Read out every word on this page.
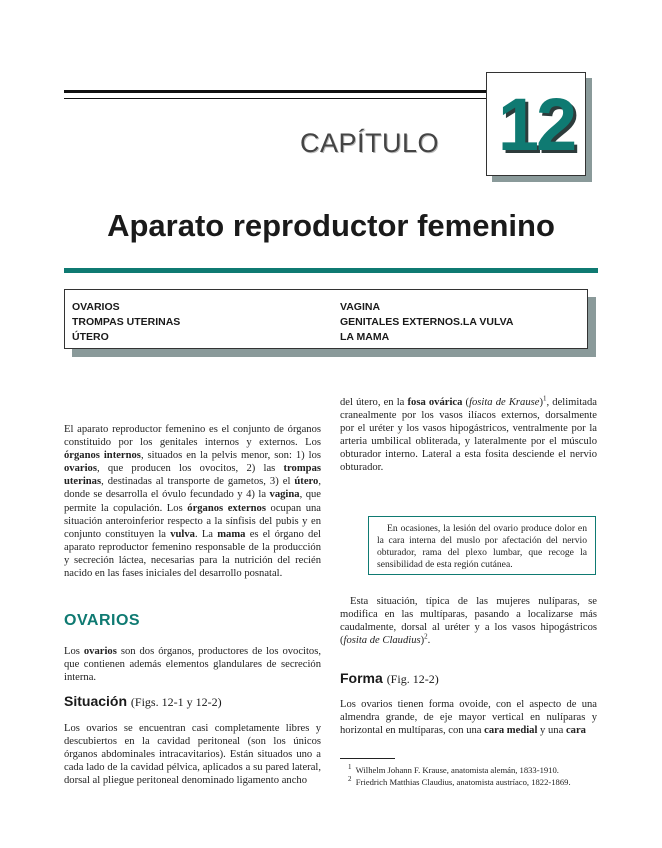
CAPÍTULO 12
Aparato reproductor femenino
OVARIOS
TROMPAS UTERINAS
ÚTERO
VAGINA
GENITALES EXTERNOS.LA VULVA
LA MAMA

El aparato reproductor femenino es el conjunto de órganos constituido por los genitales internos y externos. Los órganos internos, situados en la pelvis menor, son: 1) los ovarios, que producen los ovocitos, 2) las trompas uterinas, destinadas al transporte de gametos, 3) el útero, donde se desarrolla el óvulo fecundado y 4) la vagina, que permite la copulación. Los órganos externos ocupan una situación anteroinferior respecto a la sínfisis del pubis y en conjunto constituyen la vulva. La mama es el órgano del aparato reproductor femenino responsable de la producción y secreción láctea, necesarias para la nutrición del recién nacido en las fases iniciales del desarrollo posnatal.

OVARIOS

Los ovarios son dos órganos, productores de los ovocitos, que contienen además elementos glandulares de secreción interna.

Situación (Figs. 12-1 y 12-2)

Los ovarios se encuentran casi completamente libres y descubiertos en la cavidad peritoneal (son los únicos órganos abdominales intracavitarios). Están situados uno a cada lado de la cavidad pélvica, aplicados a su pared lateral, dorsal al pliegue peritoneal denominado ligamento ancho

del útero, en la fosa ovárica (fosita de Krause)$^1$, delimitada cranealmente por los vasos ilíacos externos, dorsalmente por el uréter y los vasos hipogástricos, ventralmente por la arteria umbilical obliterada, y lateralmente por el músculo obturador interno. Lateral a esta fosita desciende el nervio obturador.

En ocasiones, la lesión del ovario produce dolor en la cara interna del muslo por afectación del nervio obturador, rama del plexo lumbar, que recoge la sensibilidad de esta región cutánea.

Esta situación, típica de las mujeres nulíparas, se modifica en las multíparas, pasando a localizarse más caudalmente, dorsal al uréter y a los vasos hipogástricos (fosita de Claudius)$^2$.

Forma (Fig. 12-2)

Los ovarios tienen forma ovoide, con el aspecto de una almendra grande, de eje mayor vertical en nulíparas y horizontal en multíparas, con una cara medial y una cara

$^1$ Wilhelm Johann F. Krause, anatomista alemán, 1833-1910.
$^2$ Friedrich Matthias Claudius, anatomista austríaco, 1822-1869.
